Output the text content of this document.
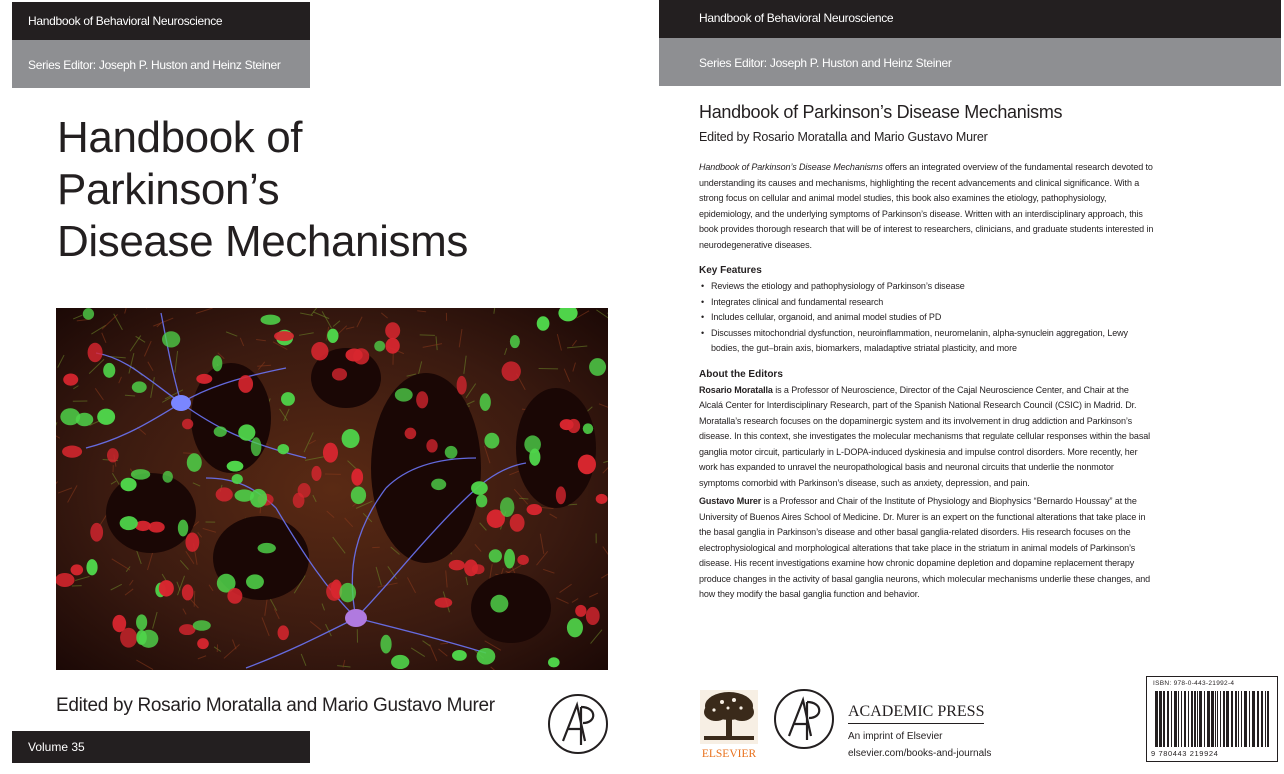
Handbook of Behavioral Neuroscience
Series Editor: Joseph P. Huston and Heinz Steiner
Handbook of
Parkinson’s
Disease Mechanisms
Edited by Rosario Moratalla and Mario Gustavo Murer
Volume 35
Handbook of Behavioral Neuroscience
Series Editor: Joseph P. Huston and Heinz Steiner
Handbook of Parkinson’s Disease Mechanisms

Edited by Rosario Moratalla and Mario Gustavo Murer

Handbook of Parkinson’s Disease Mechanisms offers an integrated overview of the fundamental research devoted to understanding its causes and mechanisms, highlighting the recent advancements and clinical significance. With a strong focus on cellular and animal model studies, this book also examines the etiology, pathophysiology, epidemiology, and the underlying symptoms of Parkinson’s disease. Written with an interdisciplinary approach, this book provides thorough research that will be of interest to researchers, clinicians, and graduate students interested in neurodegenerative diseases.

Key Features
• Reviews the etiology and pathophysiology of Parkinson’s disease
• Integrates clinical and fundamental research
• Includes cellular, organoid, and animal model studies of PD
• Discusses mitochondrial dysfunction, neuroinflammation, neuromelanin, alpha-synuclein aggregation, Lewy bodies, the gut–brain axis, biomarkers, maladaptive striatal plasticity, and more
About the Editors

Rosario Moratalla is a Professor of Neuroscience, Director of the Cajal Neuroscience Center, and Chair at the Alcalá Center for Interdisciplinary Research, part of the Spanish National Research Council (CSIC) in Madrid. Dr. Moratalla’s research focuses on the dopaminergic system and its involvement in drug addiction and Parkinson’s disease. In this context, she investigates the molecular mechanisms that regulate cellular responses within the basal ganglia motor circuit, particularly in L-DOPA-induced dyskinesia and impulse control disorders. More recently, her work has expanded to unravel the neuropathological basis and neuronal circuits that underlie the nonmotor symptoms comorbid with Parkinson’s disease, such as anxiety, depression, and pain.

Gustavo Murer is a Professor and Chair of the Institute of Physiology and Biophysics “Bernardo Houssay” at the University of Buenos Aires School of Medicine. Dr. Murer is an expert on the functional alterations that take place in the basal ganglia in Parkinson’s disease and other basal ganglia-related disorders. His research focuses on the electrophysiological and morphological alterations that take place in the striatum in animal models of Parkinson’s disease. His recent investigations examine how chronic dopamine depletion and dopamine replacement therapy produce changes in the activity of basal ganglia neurons, which molecular mechanisms underlie these changes, and how they modify the basal ganglia function and behavior.

ELSEVIER
ACADEMIC PRESS
An imprint of Elsevier
elsevier.com/books-and-journals
ISBN: 978-0-443-21992-4
9 780443 219924
